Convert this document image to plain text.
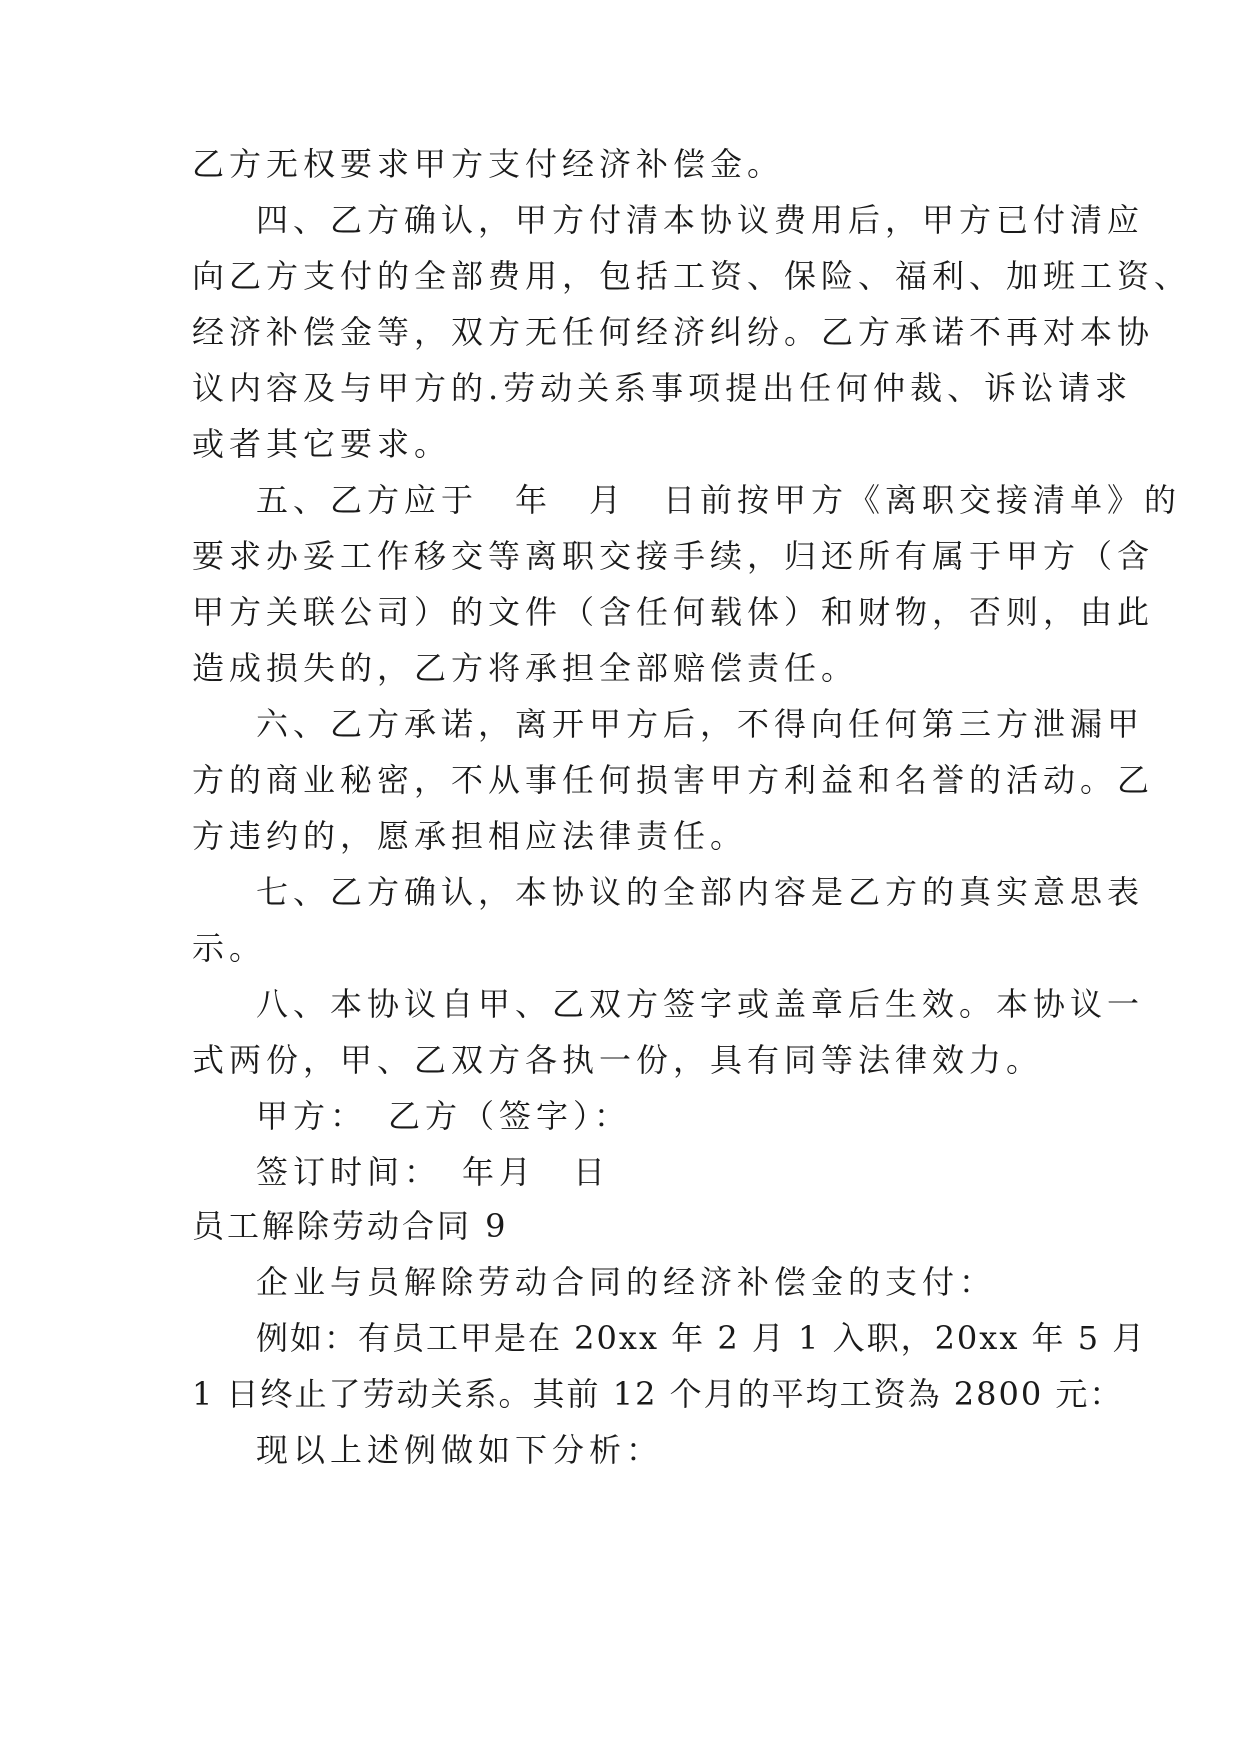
乙方无权要求甲方支付经济补偿金。
四、乙方确认，甲方付清本协议费用后，甲方已付清应
向乙方支付的全部费用，包括工资、保险、福利、加班工资、
经济补偿金等，双方无任何经济纠纷。乙方承诺不再对本协
议内容及与甲方的.劳动关系事项提出任何仲裁、诉讼请求
或者其它要求。
五、乙方应于　年　月　日前按甲方《离职交接清单》的
要求办妥工作移交等离职交接手续，归还所有属于甲方（含
甲方关联公司）的文件（含任何载体）和财物，否则，由此
造成损失的，乙方将承担全部赔偿责任。
六、乙方承诺，离开甲方后，不得向任何第三方泄漏甲
方的商业秘密，不从事任何损害甲方利益和名誉的活动。乙
方违约的，愿承担相应法律责任。
七、乙方确认，本协议的全部内容是乙方的真实意思表
示。
八、本协议自甲、乙双方签字或盖章后生效。本协议一
式两份，甲、乙双方各执一份，具有同等法律效力。
甲方：　乙方（签字）：
签订时间：　年月　日
员工解除劳动合同 9
企业与员解除劳动合同的经济补偿金的支付：
例如：有员工甲是在 20xx 年 2 月 1 入职，20xx 年 5 月
1 日终止了劳动关系。其前 12 个月的平均工资為 2800 元：
现以上述例做如下分析：
